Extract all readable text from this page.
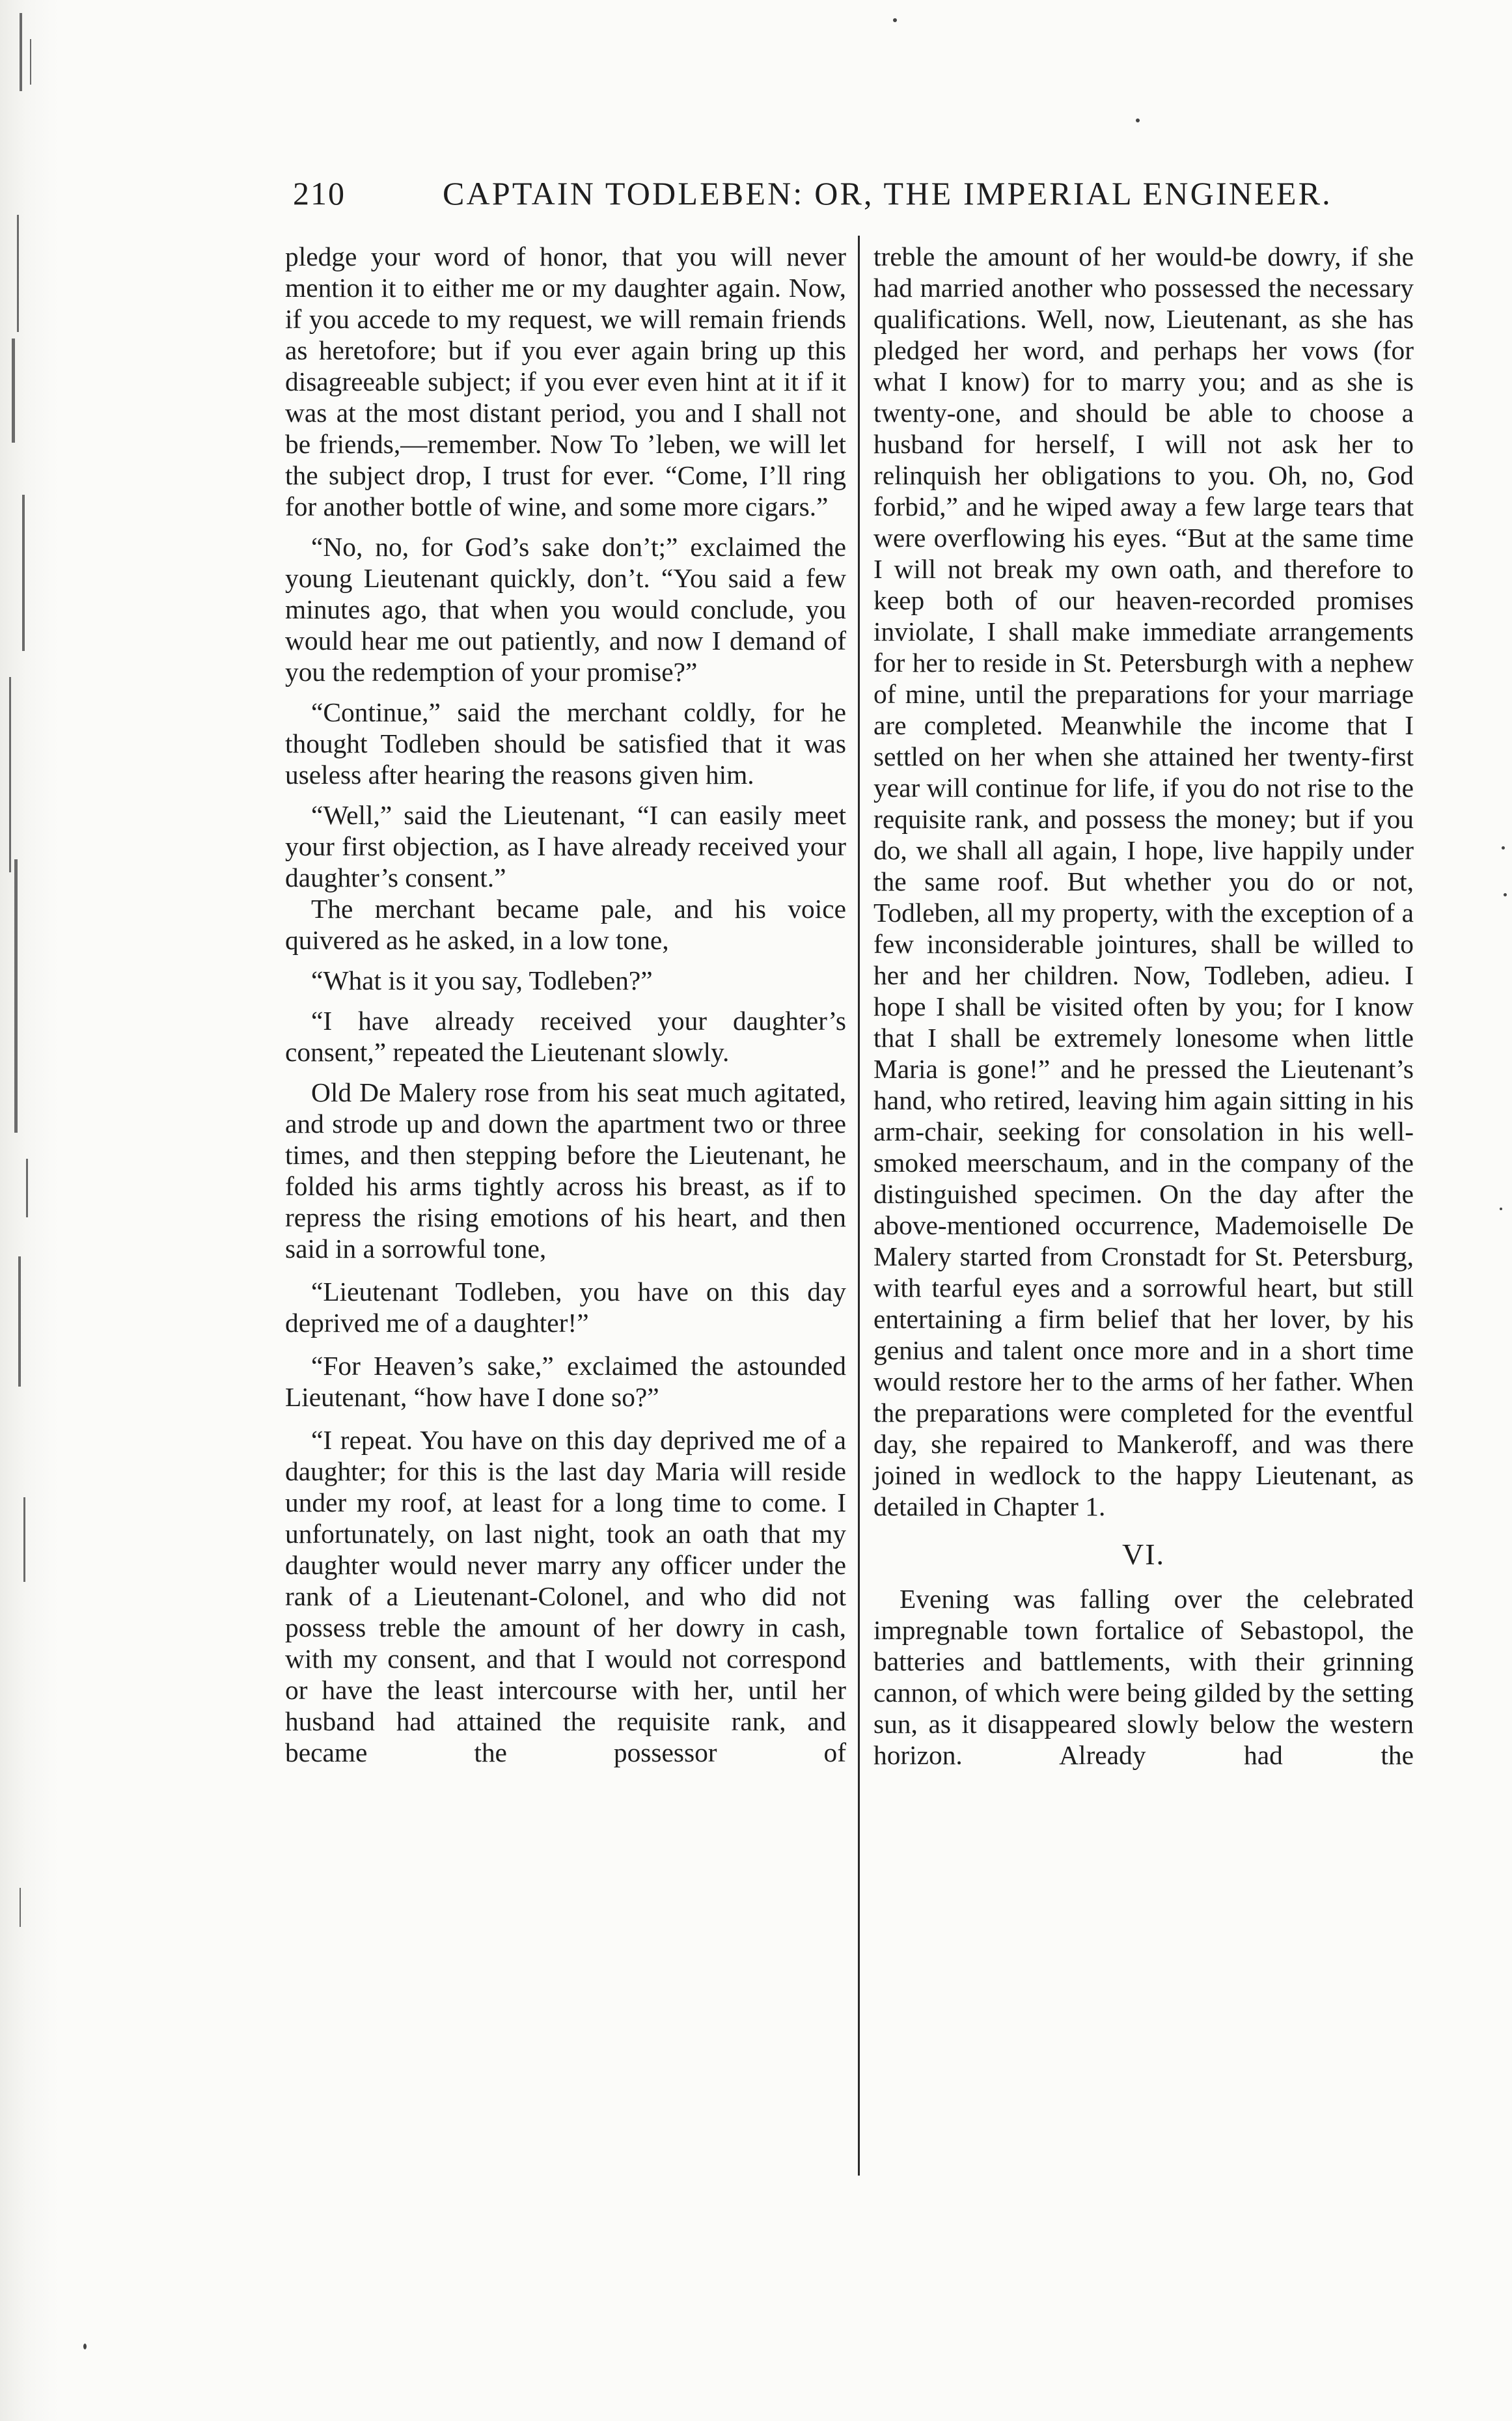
210	CAPTAIN TODLEBEN: OR, THE IMPERIAL ENGINEER.

pledge your word of honor, that you will never mention it to either me or my daughter again. Now, if you accede to my request, we will remain friends as heretofore; but if you ever again bring up this disagreeable subject; if you ever even hint at it if it was at the most distant period, you and I shall not be friends,—remember. Now To ’leben, we will let the subject drop, I trust for ever. “Come, I’ll ring for another bottle of wine, and some more cigars.”

“No, no, for God’s sake don’t;” exclaimed the young Lieutenant quickly, don’t. “You said a few minutes ago, that when you would conclude, you would hear me out patiently, and now I demand of you the redemption of your promise?”

“Continue,” said the merchant coldly, for he thought Todleben should be satisfied that it was useless after hearing the reasons given him.

“Well,” said the Lieutenant, “I can easily meet your first objection, as I have already received your daughter’s consent.”

The merchant became pale, and his voice quivered as he asked, in a low tone,

“What is it you say, Todleben?”

“I have already received your daughter’s consent,” repeated the Lieutenant slowly.

Old De Malery rose from his seat much agitated, and strode up and down the apartment two or three times, and then stepping before the Lieutenant, he folded his arms tightly across his breast, as if to repress the rising emotions of his heart, and then said in a sorrowful tone,

“Lieutenant Todleben, you have on this day deprived me of a daughter!”

“For Heaven’s sake,” exclaimed the astounded Lieutenant, “how have I done so?”

“I repeat. You have on this day deprived me of a daughter; for this is the last day Maria will reside under my roof, at least for a long time to come. I unfortunately, on last night, took an oath that my daughter would never marry any officer under the rank of a Lieutenant-Colonel, and who did not possess treble the amount of her dowry in cash, with my consent, and that I would not correspond or have the least intercourse with her, until her husband had attained the requisite rank, and became the possessor of

treble the amount of her would-be dowry, if she had married another who possessed the necessary qualifications. Well, now, Lieutenant, as she has pledged her word, and perhaps her vows (for what I know) for to marry you; and as she is twenty-one, and should be able to choose a husband for herself, I will not ask her to relinquish her obligations to you. Oh, no, God forbid,” and he wiped away a few large tears that were overflowing his eyes. “But at the same time I will not break my own oath, and therefore to keep both of our heaven-recorded promises inviolate, I shall make immediate arrangements for her to reside in St. Petersburgh with a nephew of mine, until the preparations for your marriage are completed. Meanwhile the income that I settled on her when she attained her twenty-first year will continue for life, if you do not rise to the requisite rank, and possess the money; but if you do, we shall all again, I hope, live happily under the same roof. But whether you do or not, Todleben, all my property, with the exception of a few inconsiderable jointures, shall be willed to her and her children. Now, Todleben, adieu. I hope I shall be visited often by you; for I know that I shall be extremely lonesome when little Maria is gone!” and he pressed the Lieutenant’s hand, who retired, leaving him again sitting in his arm-chair, seeking for consolation in his well-smoked meerschaum, and in the company of the distinguished specimen. On the day after the above-mentioned occurrence, Mademoiselle De Malery started from Cronstadt for St. Petersburg, with tearful eyes and a sorrowful heart, but still entertaining a firm belief that her lover, by his genius and talent once more and in a short time would restore her to the arms of her father. When the preparations were completed for the eventful day, she repaired to Mankeroff, and was there joined in wedlock to the happy Lieutenant, as detailed in Chapter 1.

VI.

Evening was falling over the celebrated impregnable town fortalice of Sebastopol, the batteries and battlements, with their grinning cannon, of which were being gilded by the setting sun, as it disappeared slowly below the western horizon. Already had the
